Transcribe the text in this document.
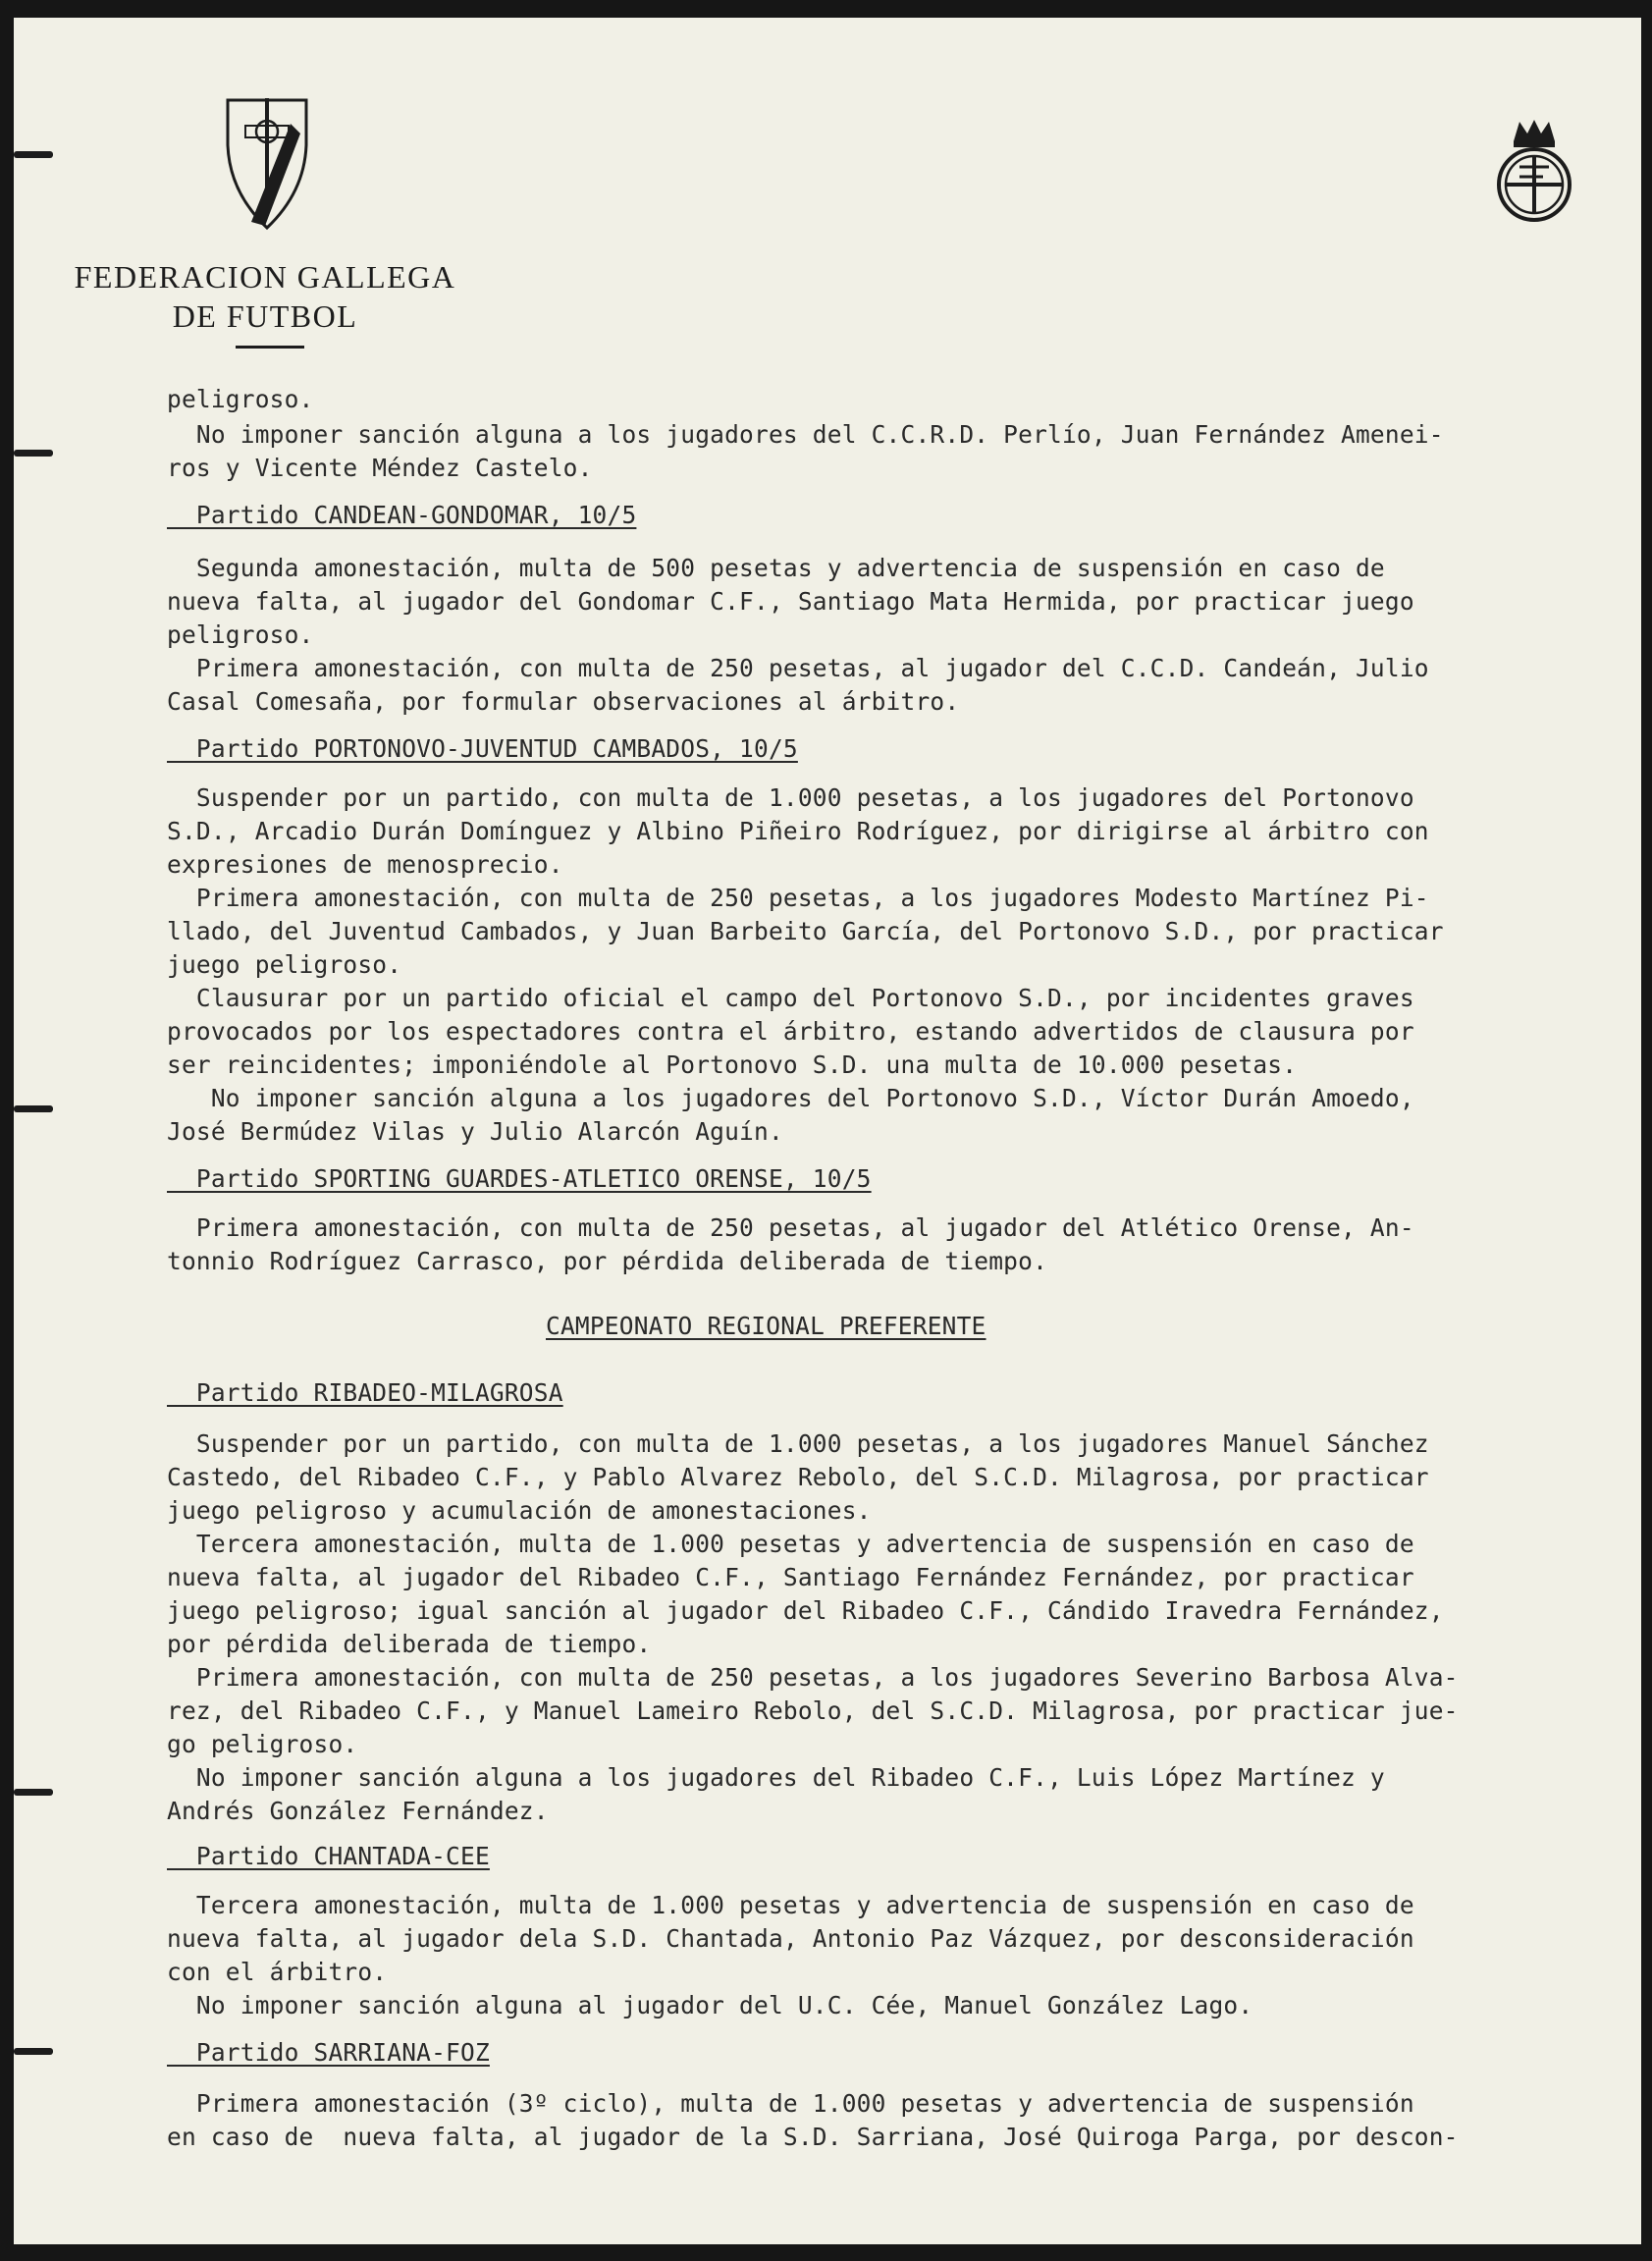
FEDERACION GALLEGA
DE FUTBOL
peligroso.
No imponer sanción alguna a los jugadores del C.C.R.D. Perlío, Juan Fernández Amenei-
ros y Vicente Méndez Castelo.
Partido CANDEAN-GONDOMAR, 10/5
Segunda amonestación, multa de 500 pesetas y advertencia de suspensión en caso de
nueva falta, al jugador del Gondomar C.F., Santiago Mata Hermida, por practicar juego
peligroso.
Primera amonestación, con multa de 250 pesetas, al jugador del C.C.D. Candeán, Julio
Casal Comesaña, por formular observaciones al árbitro.
Partido PORTONOVO-JUVENTUD CAMBADOS, 10/5
Suspender por un partido, con multa de 1.000 pesetas, a los jugadores del Portonovo
S.D., Arcadio Durán Domínguez y Albino Piñeiro Rodríguez, por dirigirse al árbitro con
expresiones de menosprecio.
Primera amonestación, con multa de 250 pesetas, a los jugadores Modesto Martínez Pi-
llado, del Juventud Cambados, y Juan Barbeito García, del Portonovo S.D., por practicar
juego peligroso.
Clausurar por un partido oficial el campo del Portonovo S.D., por incidentes graves
provocados por los espectadores contra el árbitro, estando advertidos de clausura por
ser reincidentes; imponiéndole al Portonovo S.D. una multa de 10.000 pesetas.
No imponer sanción alguna a los jugadores del Portonovo S.D., Víctor Durán Amoedo,
José Bermúdez Vilas y Julio Alarcón Aguín.
Partido SPORTING GUARDES-ATLETICO ORENSE, 10/5
Primera amonestación, con multa de 250 pesetas, al jugador del Atlético Orense, An-
tonnio Rodríguez Carrasco, por pérdida deliberada de tiempo.
CAMPEONATO REGIONAL PREFERENTE
Partido RIBADEO-MILAGROSA
Suspender por un partido, con multa de 1.000 pesetas, a los jugadores Manuel Sánchez
Castedo, del Ribadeo C.F., y Pablo Alvarez Rebolo, del S.C.D. Milagrosa, por practicar
juego peligroso y acumulación de amonestaciones.
Tercera amonestación, multa de 1.000 pesetas y advertencia de suspensión en caso de
nueva falta, al jugador del Ribadeo C.F., Santiago Fernández Fernández, por practicar
juego peligroso; igual sanción al jugador del Ribadeo C.F., Cándido Iravedra Fernández,
por pérdida deliberada de tiempo.
Primera amonestación, con multa de 250 pesetas, a los jugadores Severino Barbosa Alva-
rez, del Ribadeo C.F., y Manuel Lameiro Rebolo, del S.C.D. Milagrosa, por practicar jue-
go peligroso.
No imponer sanción alguna a los jugadores del Ribadeo C.F., Luis López Martínez y
Andrés González Fernández.
Partido CHANTADA-CEE
Tercera amonestación, multa de 1.000 pesetas y advertencia de suspensión en caso de
nueva falta, al jugador dela S.D. Chantada, Antonio Paz Vázquez, por desconsideración
con el árbitro.
No imponer sanción alguna al jugador del U.C. Cée, Manuel González Lago.
Partido SARRIANA-FOZ
Primera amonestación (3º ciclo), multa de 1.000 pesetas y advertencia de suspensión
en caso de  nueva falta, al jugador de la S.D. Sarriana, José Quiroga Parga, por descon-
